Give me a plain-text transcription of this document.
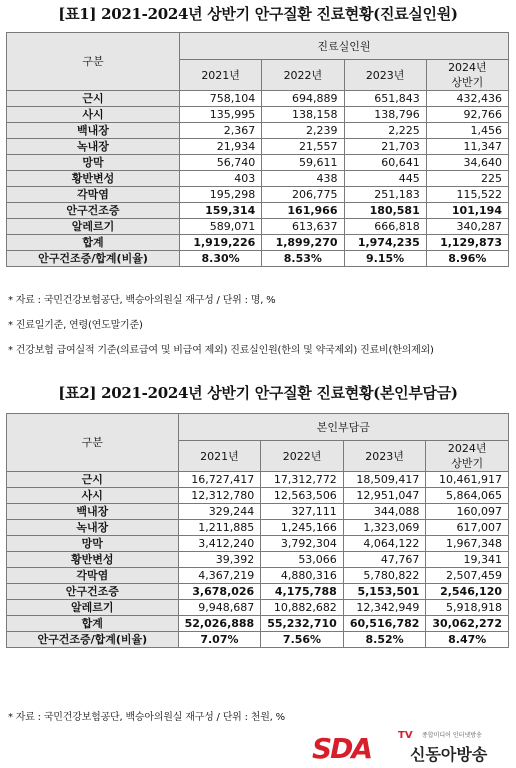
[표1] 2021-2024년 상반기 안구질환 진료현황(진료실인원)
구분	진료실인원			
	2021년	2022년	2023년	2024년
상반기
근시	758,104	694,889	651,843	432,436
사시	135,995	138,158	138,796	92,766
백내장	2,367	2,239	2,225	1,456
녹내장	21,934	21,557	21,703	11,347
망막	56,740	59,611	60,641	34,640
황반변성	403	438	445	225
각막염	195,298	206,775	251,183	115,522
안구건조증	159,314	161,966	180,581	101,194
알레르기	589,071	613,637	666,818	340,287
합계	1,919,226	1,899,270	1,974,235	1,129,873
안구건조증/합계(비율)	8.30%	8.53%	9.15%	8.96%
* 자료 : 국민건강보험공단, 백승아의원실 재구성 / 단위 : 명, %
* 진료일기준, 연령(연도말기준)
* 건강보험 급여실적 기준(의료급여 및 비급여 제외) 진료실인원(한의 및 약국제외) 진료비(한의제외)
[표2] 2021-2024년 상반기 안구질환 진료현황(본인부담금)
구분	본인부담금			
	2021년	2022년	2023년	2024년
상반기
근시	16,727,417	17,312,772	18,509,417	10,461,917
사시	12,312,780	12,563,506	12,951,047	5,864,065
백내장	329,244	327,111	344,088	160,097
녹내장	1,211,885	1,245,166	1,323,069	617,007
망막	3,412,240	3,792,304	4,064,122	1,967,348
황반변성	39,392	53,066	47,767	19,341
각막염	4,367,219	4,880,316	5,780,822	2,507,459
안구건조증	3,678,026	4,175,788	5,153,501	2,546,120
알레르기	9,948,687	10,882,682	12,342,949	5,918,918
합계	52,026,888	55,232,710	60,516,782	30,062,272
안구건조증/합계(비율)	7.07%	7.56%	8.52%	8.47%
* 자료 : 국민건강보험공단, 백승아의원실 재구성 / 단위 : 천원, %
SDA	TV 종합미디어 인터넷방송
신동아방송
